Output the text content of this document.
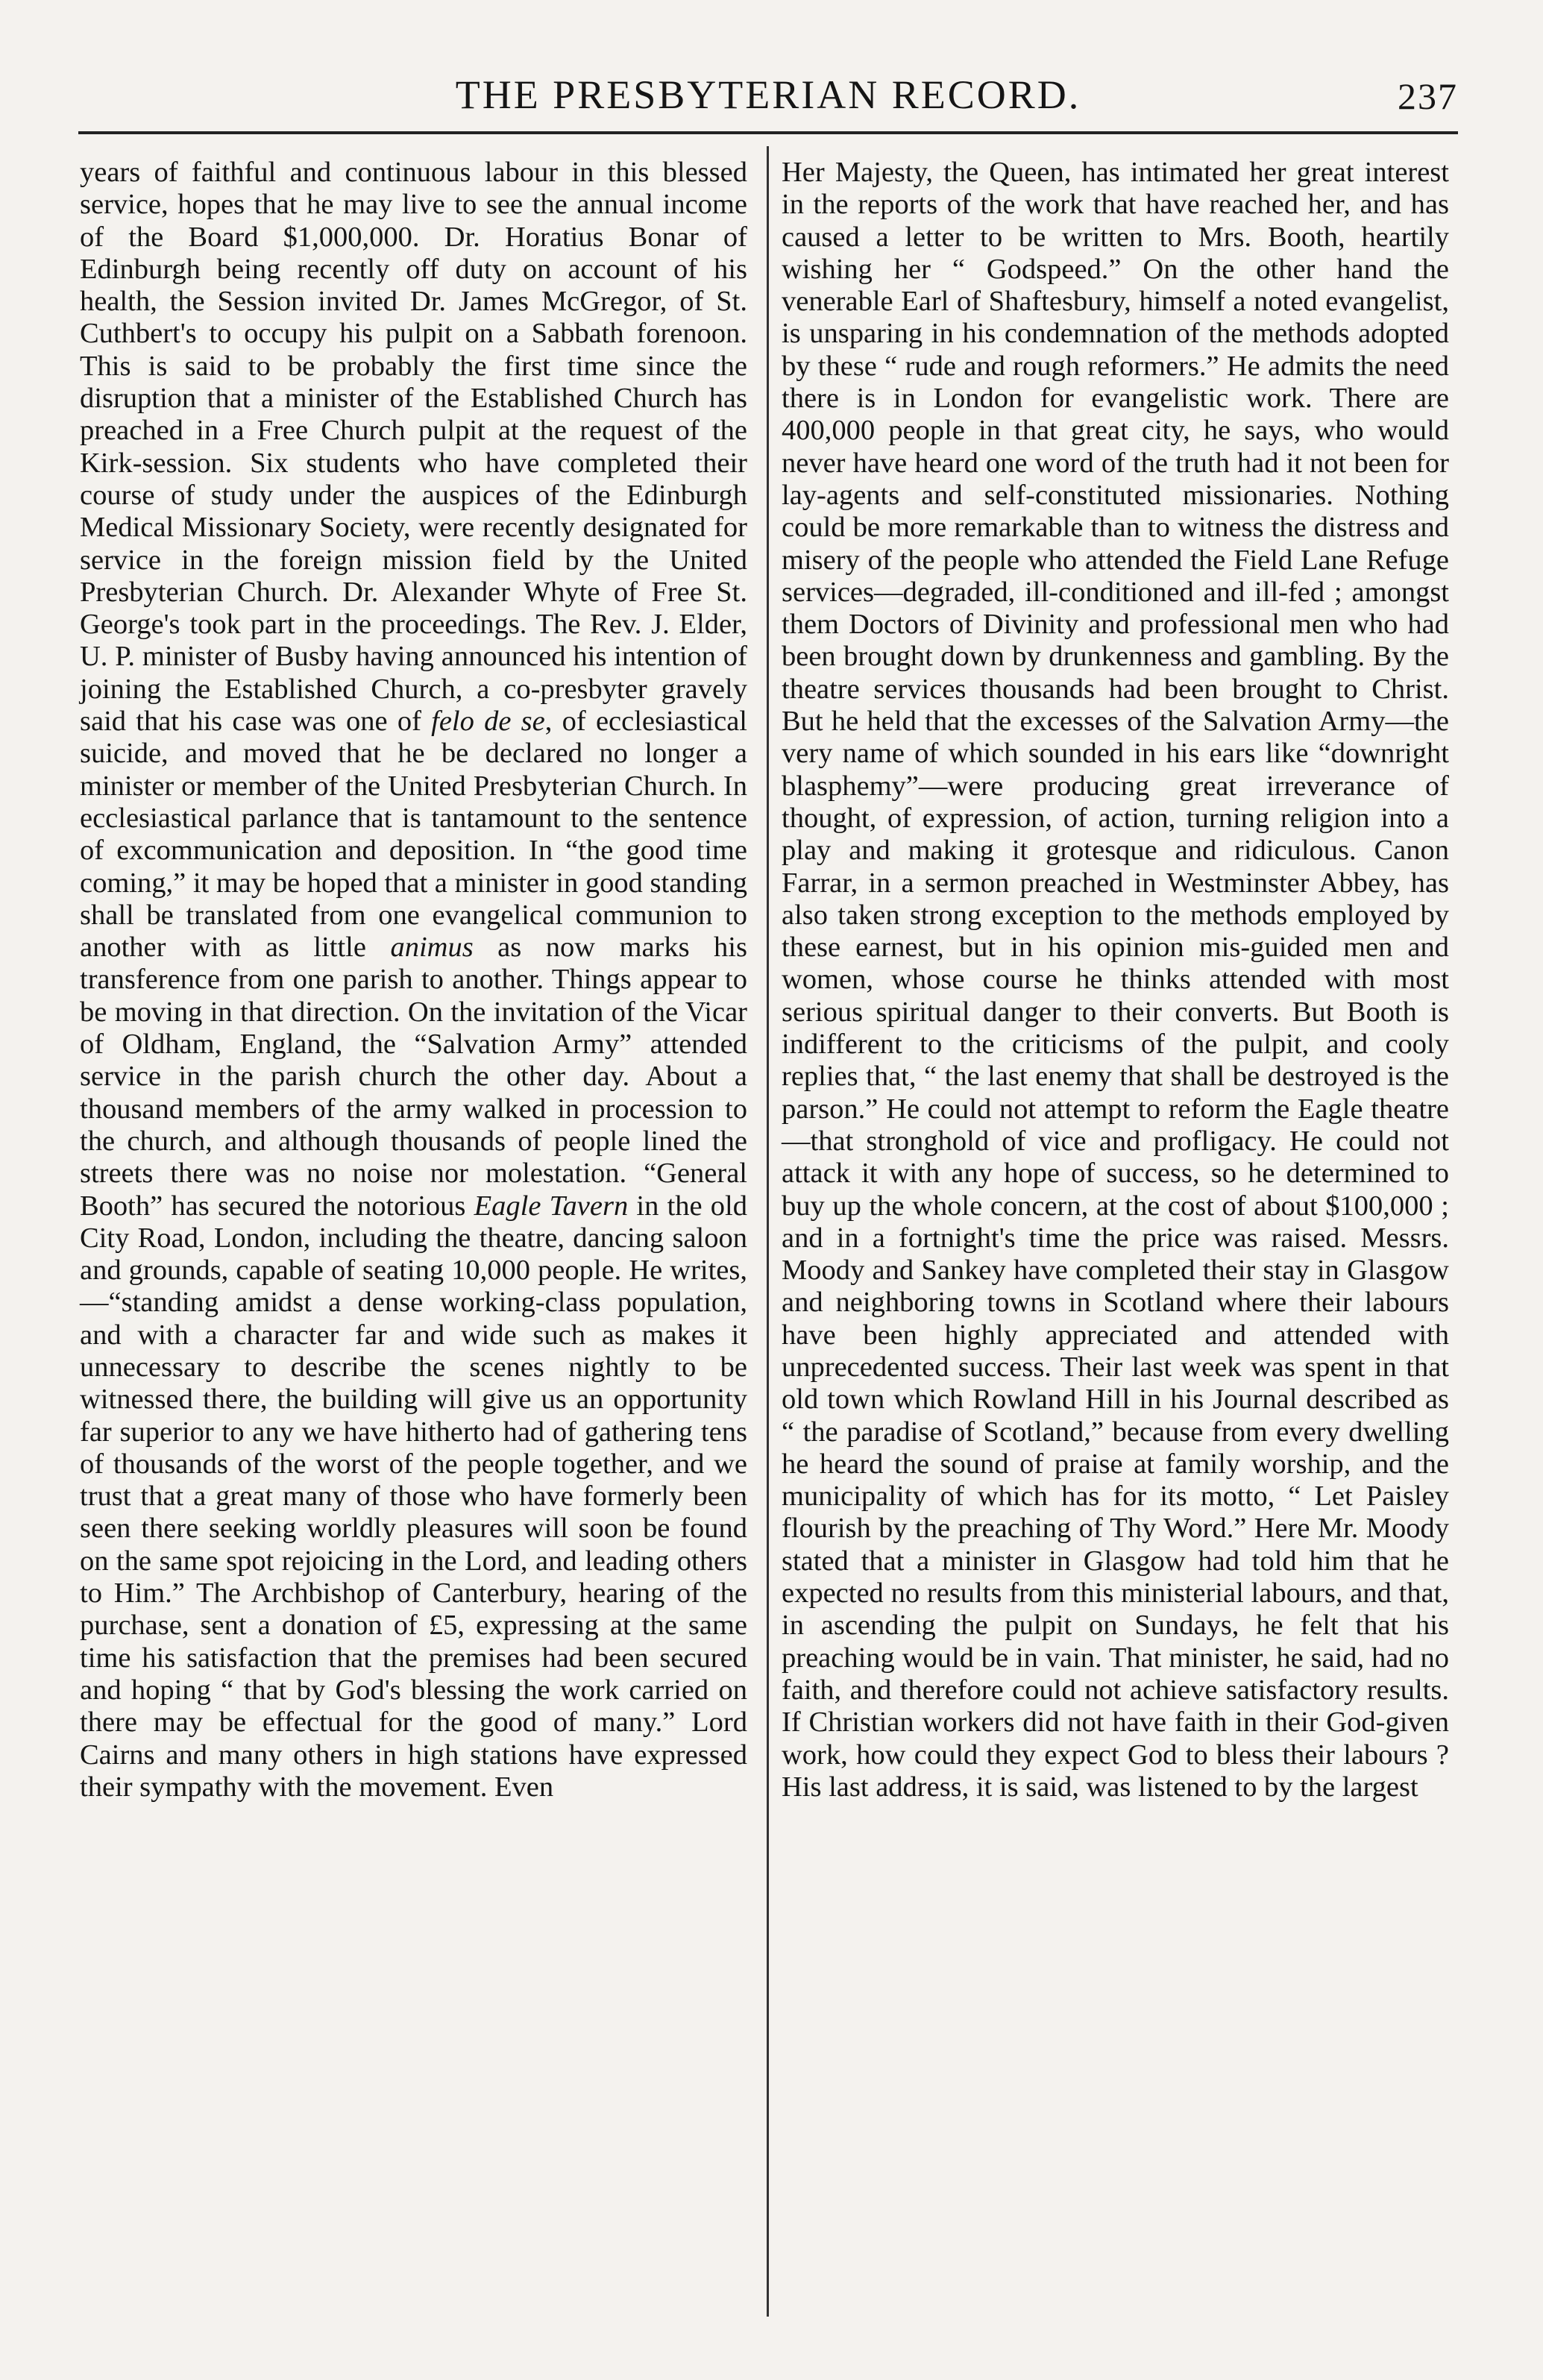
THE PRESBYTERIAN RECORD.	237

years of faithful and continuous labour in this blessed service, hopes that he may live to see the annual income of the Board $1,000,000. Dr. Horatius Bonar of Edinburgh being recently off duty on account of his health, the Session invited Dr. James McGregor, of St. Cuthbert's to occupy his pulpit on a Sabbath forenoon. This is said to be probably the first time since the disruption that a minister of the Established Church has preached in a Free Church pulpit at the request of the Kirk-session. Six students who have completed their course of study under the auspices of the Edinburgh Medical Missionary Society, were recently designated for service in the foreign mission field by the United Presbyterian Church. Dr. Alexander Whyte of Free St. George's took part in the proceedings. The Rev. J. Elder, U. P. minister of Busby having announced his intention of joining the Established Church, a co-presbyter gravely said that his case was one of felo de se, of ecclesiastical suicide, and moved that he be declared no longer a minister or member of the United Presbyterian Church. In ecclesiastical parlance that is tantamount to the sentence of excommunication and deposition. In “the good time coming,” it may be hoped that a minister in good standing shall be translated from one evangelical communion to another with as little animus as now marks his transference from one parish to another. Things appear to be moving in that direction. On the invitation of the Vicar of Oldham, England, the “Salvation Army” attended service in the parish church the other day. About a thousand members of the army walked in procession to the church, and although thousands of people lined the streets there was no noise nor molestation. “General Booth” has secured the notorious Eagle Tavern in the old City Road, London, including the theatre, dancing saloon and grounds, capable of seating 10,000 people. He writes, —“standing amidst a dense working-class population, and with a character far and wide such as makes it unnecessary to describe the scenes nightly to be witnessed there, the building will give us an opportunity far superior to any we have hitherto had of gathering tens of thousands of the worst of the people together, and we trust that a great many of those who have formerly been seen there seeking worldly pleasures will soon be found on the same spot rejoicing in the Lord, and leading others to Him.” The Archbishop of Canterbury, hearing of the purchase, sent a donation of £5, expressing at the same time his satisfaction that the premises had been secured and hoping “ that by God's blessing the work carried on there may be effectual for the good of many.” Lord Cairns and many others in high stations have expressed their sympathy with the movement. Even

Her Majesty, the Queen, has intimated her great interest in the reports of the work that have reached her, and has caused a letter to be written to Mrs. Booth, heartily wishing her “ Godspeed.” On the other hand the venerable Earl of Shaftesbury, himself a noted evangelist, is unsparing in his condemnation of the methods adopted by these “ rude and rough reformers.” He admits the need there is in London for evangelistic work. There are 400,000 people in that great city, he says, who would never have heard one word of the truth had it not been for lay-agents and self-constituted missionaries. Nothing could be more remarkable than to witness the distress and misery of the people who attended the Field Lane Refuge services—degraded, ill-conditioned and ill-fed ; amongst them Doctors of Divinity and professional men who had been brought down by drunkenness and gambling. By the theatre services thousands had been brought to Christ. But he held that the excesses of the Salvation Army—the very name of which sounded in his ears like “downright blasphemy”—were producing great irreverance of thought, of expression, of action, turning religion into a play and making it grotesque and ridiculous. Canon Farrar, in a sermon preached in Westminster Abbey, has also taken strong exception to the methods employed by these earnest, but in his opinion mis-guided men and women, whose course he thinks attended with most serious spiritual danger to their converts. But Booth is indifferent to the criticisms of the pulpit, and cooly replies that, “ the last enemy that shall be destroyed is the parson.” He could not attempt to reform the Eagle theatre—that stronghold of vice and profligacy. He could not attack it with any hope of success, so he determined to buy up the whole concern, at the cost of about $100,000 ; and in a fortnight's time the price was raised. Messrs. Moody and Sankey have completed their stay in Glasgow and neighboring towns in Scotland where their labours have been highly appreciated and attended with unprecedented success. Their last week was spent in that old town which Rowland Hill in his Journal described as “ the paradise of Scotland,” because from every dwelling he heard the sound of praise at family worship, and the municipality of which has for its motto, “ Let Paisley flourish by the preaching of Thy Word.” Here Mr. Moody stated that a minister in Glasgow had told him that he expected no results from this ministerial labours, and that, in ascending the pulpit on Sundays, he felt that his preaching would be in vain. That minister, he said, had no faith, and therefore could not achieve satisfactory results. If Christian workers did not have faith in their God-given work, how could they expect God to bless their labours ? His last address, it is said, was listened to by the largest
